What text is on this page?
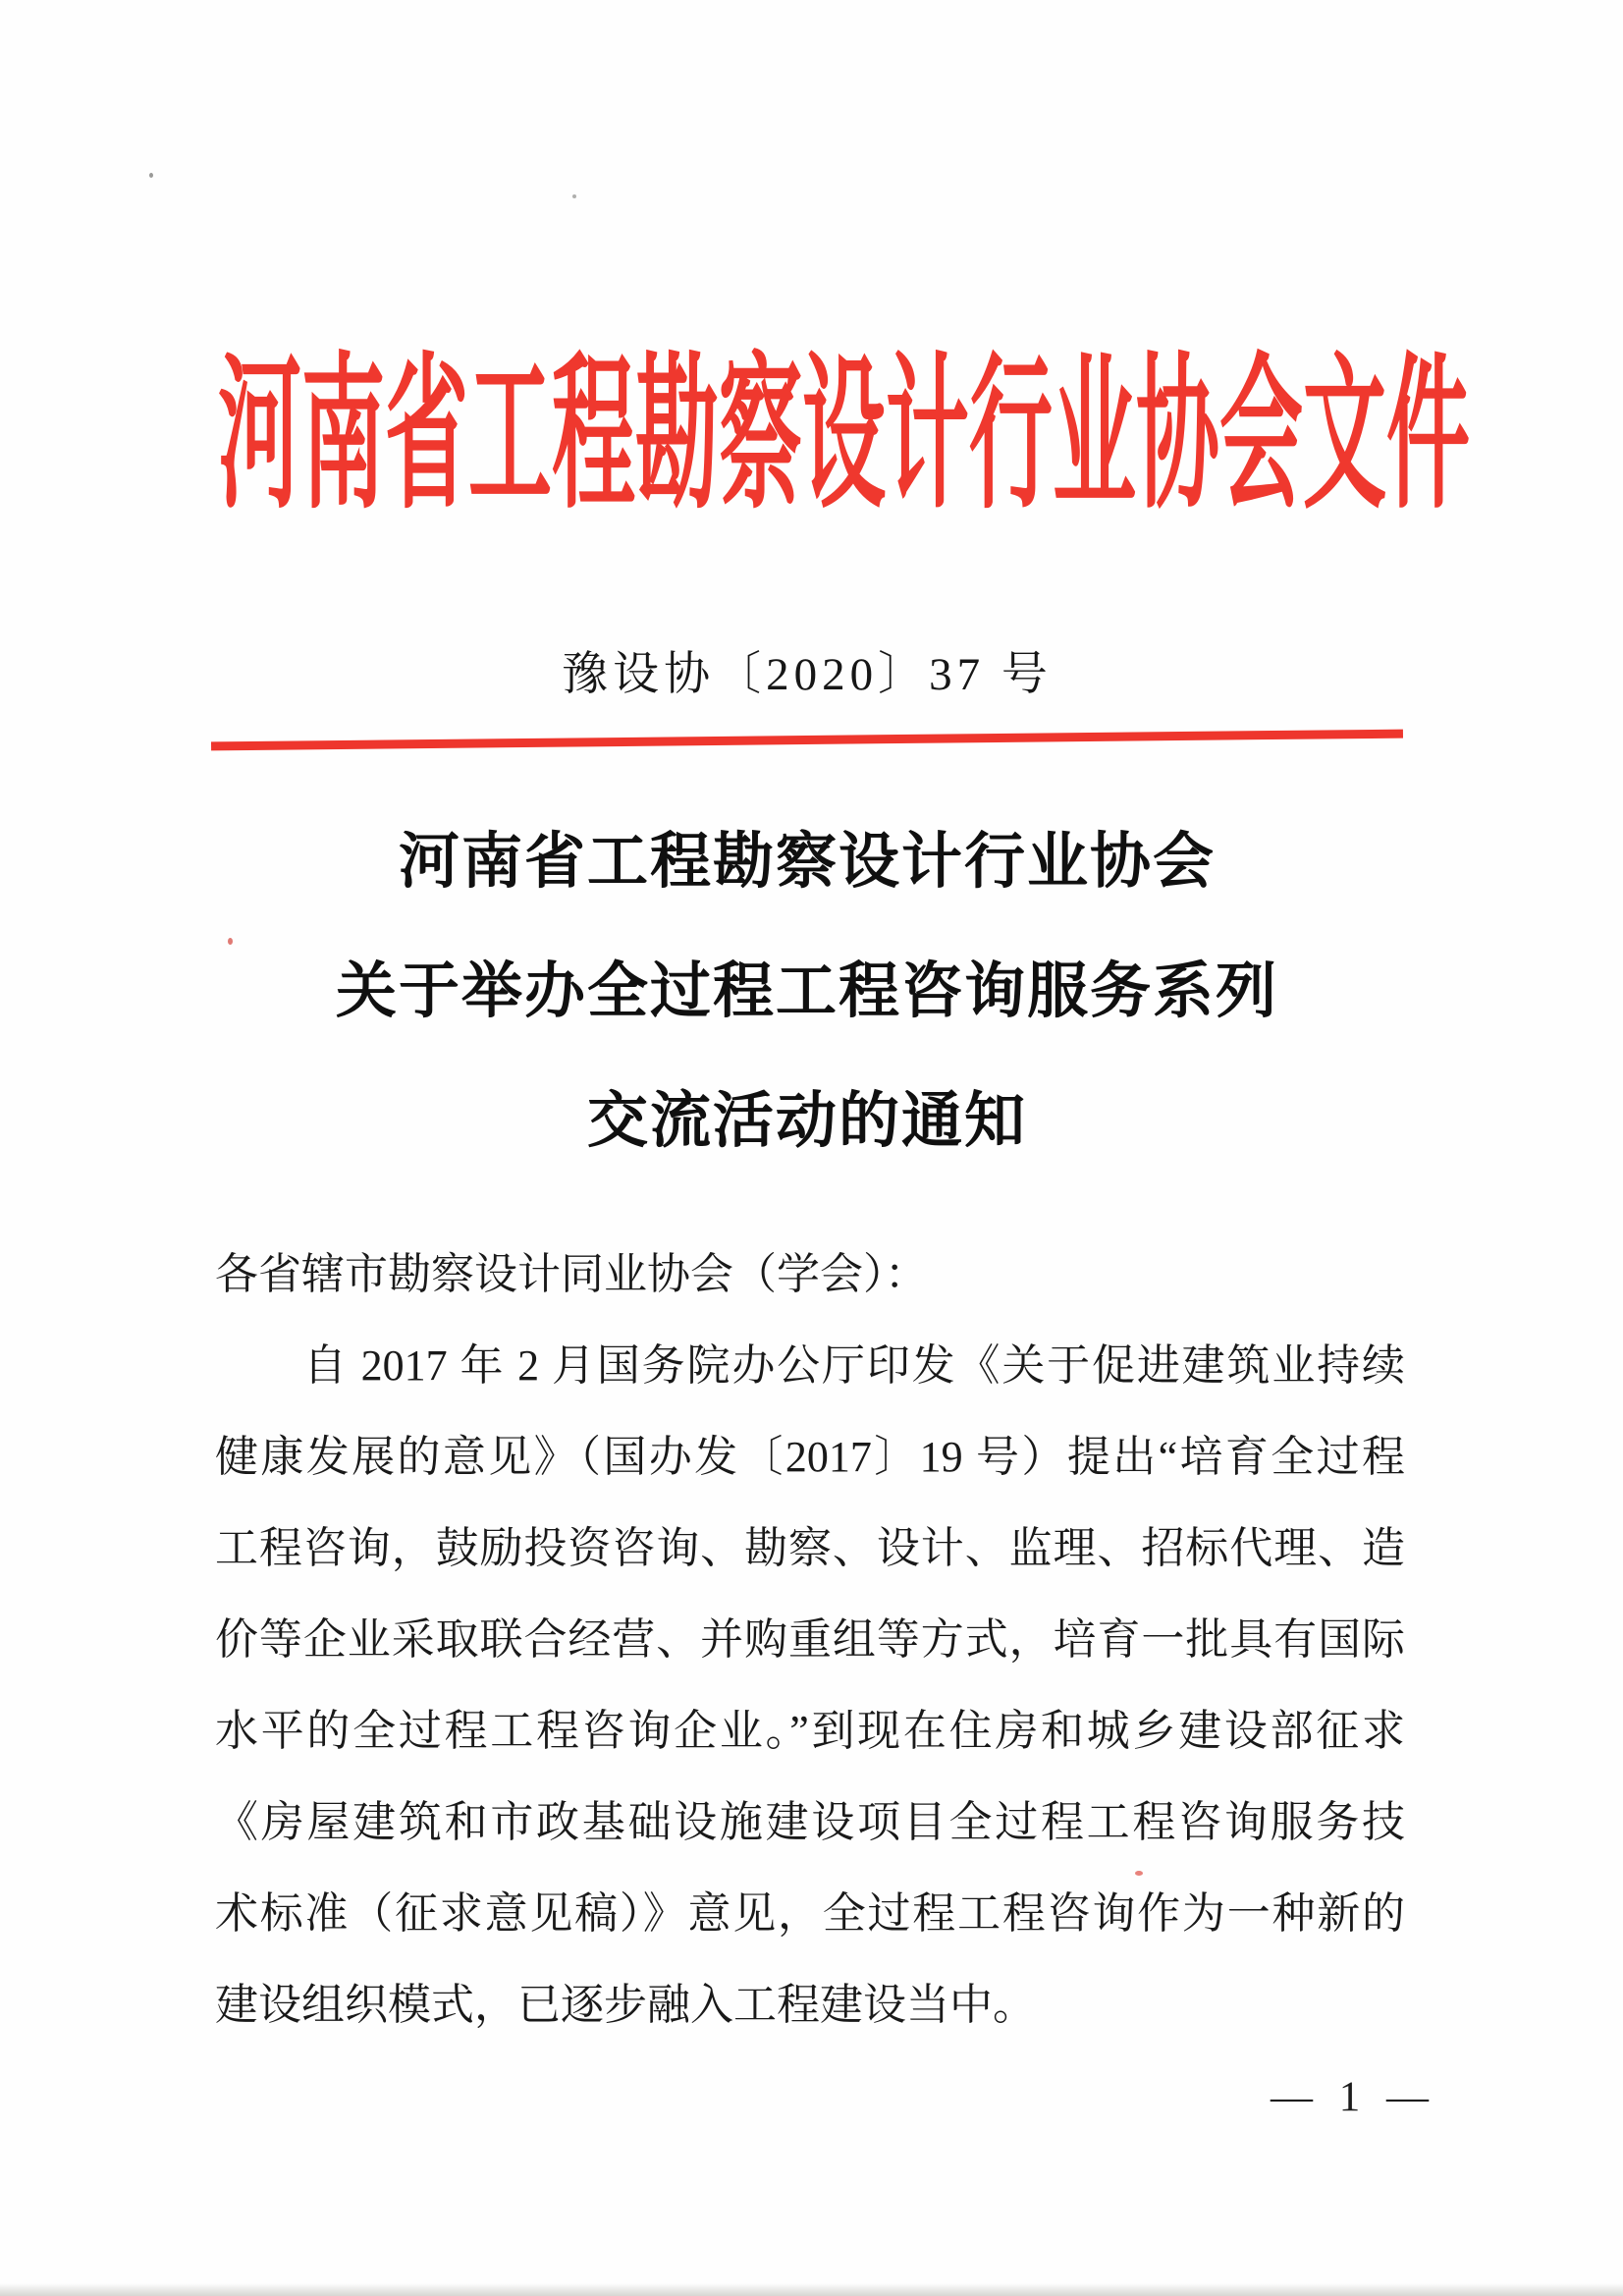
河南省工程勘察设计行业协会文件
豫设协〔2020〕37 号
河南省工程勘察设计行业协会
关于举办全过程工程咨询服务系列
交流活动的通知
各省辖市勘察设计同业协会（学会）：
自 2017 年 2 月国务院办公厅印发《关于促进建筑业持续
健康发展的意见》（国办发〔2017〕19 号）提出“培育全过程
工程咨询，鼓励投资咨询、勘察、设计、监理、招标代理、造
价等企业采取联合经营、并购重组等方式，培育一批具有国际
水平的全过程工程咨询企业。”到现在住房和城乡建设部征求
《房屋建筑和市政基础设施建设项目全过程工程咨询服务技
术标准（征求意见稿）》意见，全过程工程咨询作为一种新的
建设组织模式，已逐步融入工程建设当中。
— 1 —
